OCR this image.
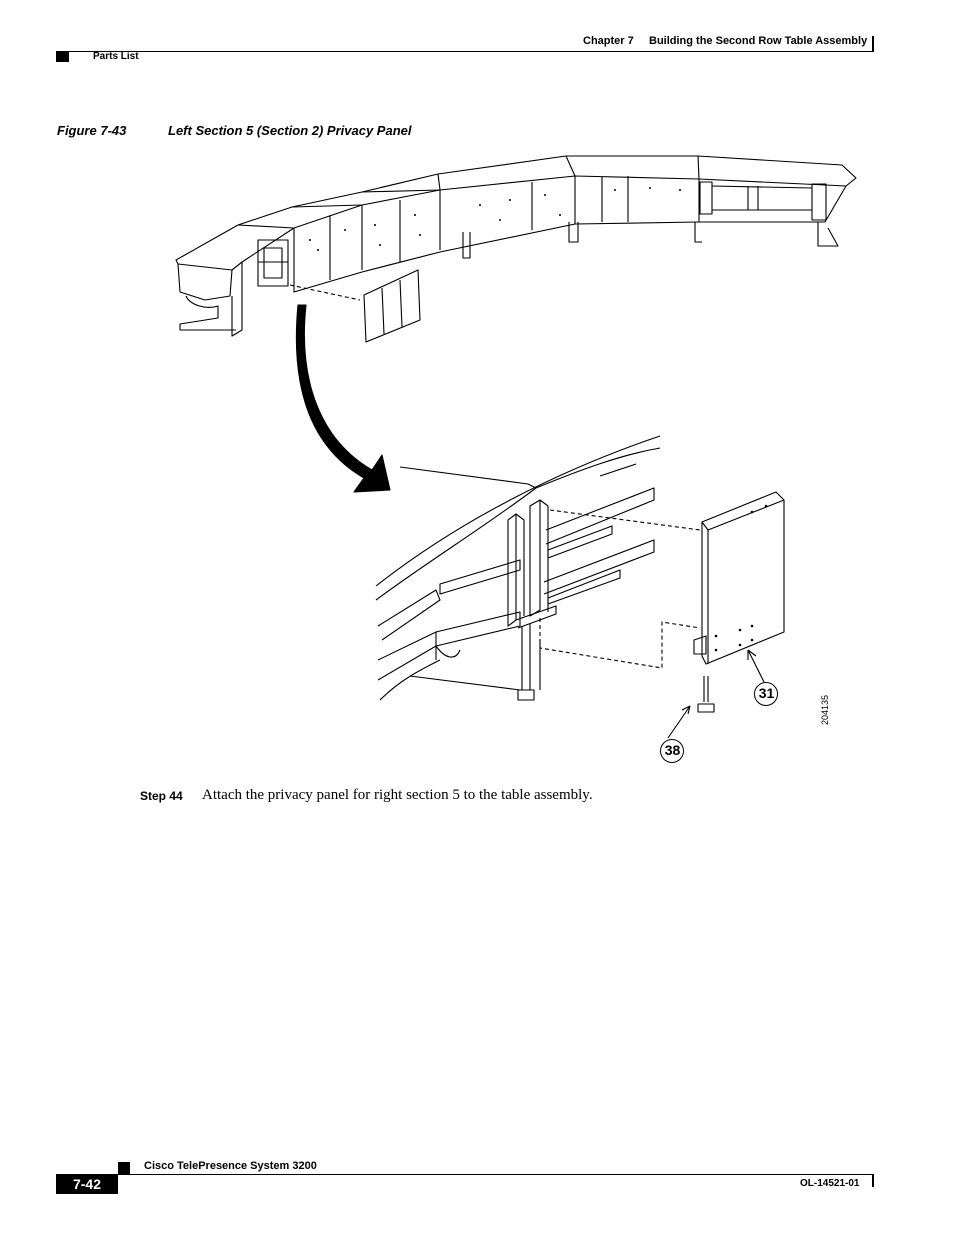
Chapter 7 Building the Second Row Table Assembly
Parts List
Figure 7-43	Left Section 5 (Section 2) Privacy Panel
31
38
204135
Step 44 Attach the privacy panel for right section 5 to the table assembly.
Cisco TelePresence System 3200
7-42	OL-14521-01
